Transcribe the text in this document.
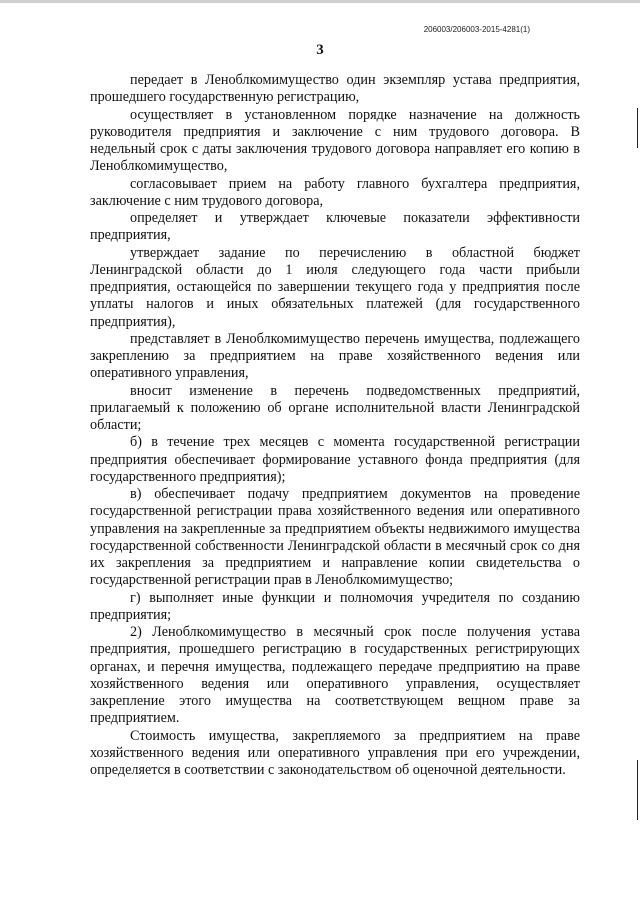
206003/206003-2015-4281(1)
3

передает в Леноблкомимущество один экземпляр устава предприятия, прошедшего государственную регистрацию,

осуществляет в установленном порядке назначение на должность руководителя предприятия и заключение с ним трудового договора. В недельный срок с даты заключения трудового договора направляет его копию в Леноблкомимущество,

согласовывает прием на работу главного бухгалтера предприятия, заключение с ним трудового договора,

определяет и утверждает ключевые показатели эффективности предприятия,

утверждает задание по перечислению в областной бюджет Ленинградской области до 1 июля следующего года части прибыли предприятия, остающейся по завершении текущего года у предприятия после уплаты налогов и иных обязательных платежей (для государственного предприятия),

представляет в Леноблкомимущество перечень имущества, подлежащего закреплению за предприятием на праве хозяйственного ведения или оперативного управления,

вносит изменение в перечень подведомственных предприятий, прилагаемый к положению об органе исполнительной власти Ленинградской области;

б) в течение трех месяцев с момента государственной регистрации предприятия обеспечивает формирование уставного фонда предприятия (для государственного предприятия);

в) обеспечивает подачу предприятием документов на проведение государственной регистрации права хозяйственного ведения или оперативного управления на закрепленные за предприятием объекты недвижимого имущества государственной собственности Ленинградской области в месячный срок со дня их закрепления за предприятием и направление копии свидетельства о государственной регистрации прав в Леноблкомимущество;

г) выполняет иные функции и полномочия учредителя по созданию предприятия;

2) Леноблкомимущество в месячный срок после получения устава предприятия, прошедшего регистрацию в государственных регистрирующих органах, и перечня имущества, подлежащего передаче предприятию на праве хозяйственного ведения или оперативного управления, осуществляет закрепление этого имущества на соответствующем вещном праве за предприятием.

Стоимость имущества, закрепляемого за предприятием на праве хозяйственного ведения или оперативного управления при его учреждении, определяется в соответствии с законодательством об оценочной деятельности.
